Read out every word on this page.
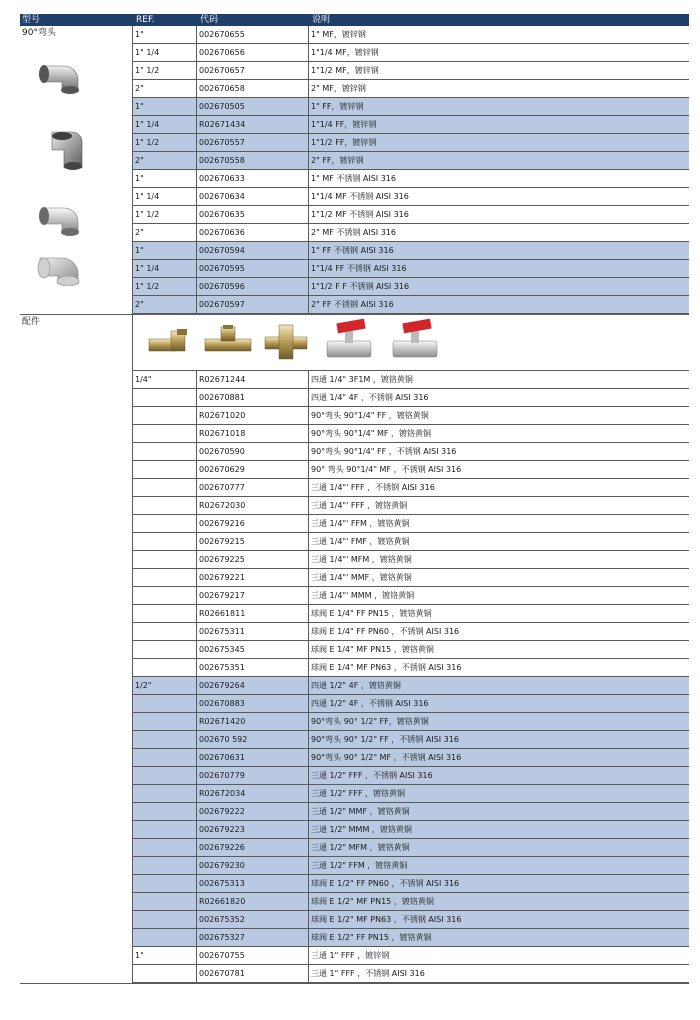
型号	REF.	代码	说明
90°弯头	1"	002670655	1" MF，镀锌钢
1" 1/4	002670656	1"1/4 MF，镀锌钢
1" 1/2	002670657	1"1/2 MF，镀锌钢
2"	002670658	2" MF，镀锌钢
1"	002670505	1" FF，镀锌钢
1" 1/4	R02671434	1"1/4 FF，镀锌钢
1" 1/2	002670557	1"1/2 FF，镀锌钢
2"	002670558	2" FF，镀锌钢
1"	002670633	1" MF 不锈钢 AISI 316
1" 1/4	002670634	1"1/4 MF 不锈钢 AISI 316
1" 1/2	002670635	1"1/2 MF 不锈钢 AISI 316
2"	002670636	2" MF 不锈钢 AISI 316
1"	002670594	1" FF 不锈钢 AISI 316
1" 1/4	002670595	1"1/4 FF 不锈钢 AISI 316
1" 1/2	002670596	1"1/2 F F 不锈钢 AISI 316
2"	002670597	2" FF 不锈钢 AISI 316
配件
1/4"	R02671244	四通 1/4" 3F1M ，镀铬黄铜
002670881	四通 1/4" 4F ，不锈钢 AISI 316
R02671020	90°弯头 90°1/4" FF ，镀铬黄铜
R02671018	90°弯头 90°1/4" MF ，镀铬黄铜
002670590	90°弯头 90°1/4" FF ，不锈钢 AISI 316
002670629	90° 弯头 90°1/4" MF ，不锈钢 AISI 316
002670777	三通 1/4"' FFF ，不锈钢 AISI 316
R02672030	三通 1/4"' FFF ，镀铬黄铜
002679216	三通 1/4"' FFM ，镀铬黄铜
002679215	三通 1/4"' FMF ，镀铬黄铜
002679225	三通 1/4"' MFM ，镀铬黄铜
002679221	三通 1/4"' MMF ，镀铬黄铜
002679217	三通 1/4"' MMM ，镀铬黄铜
R02661811	球阀 E 1/4" FF PN15 ，镀铬黄铜
002675311	球阀 E 1/4" FF PN60 ，不锈钢 AISI 316
002675345	球阀 E 1/4" MF PN15 ，镀铬黄铜
002675351	球阀 E 1/4" MF PN63 ，不锈钢 AISI 316
1/2"	002679264	四通 1/2" 4F ，镀铬黄铜
002670883	四通 1/2" 4F ，不锈钢 AISI 316
R02671420	90°弯头 90° 1/2" FF，镀铬黄铜
002670 592	90°弯头 90° 1/2" FF ，不锈钢 AISI 316
002670631	90°弯头 90° 1/2" MF ，不锈钢 AISI 316
002670779	三通 1/2" FFF ，不锈钢 AISI 316
R02672034	三通 1/2" FFF ，镀铬黄铜
002679222	三通 1/2" MMF ，镀铬黄铜
002679223	三通 1/2" MMM ，镀铬黄铜
002679226	三通 1/2" MFM ，镀铬黄铜
002679230	三通 1/2" FFM ，镀铬黄铜
002675313	球阀 E 1/2" FF PN60 ，不锈钢 AISI 316
R02661820	球阀 E 1/2" MF PN15 ，镀铬黄铜
002675352	球阀 E 1/2" MF PN63 ，不锈钢 AISI 316
002675327	球阀 E 1/2" FF PN15 ，镀铬黄铜
1"	002670755	三通 1" FFF ，镀锌钢
002670781	三通 1" FFF ，不锈钢 AISI 316
